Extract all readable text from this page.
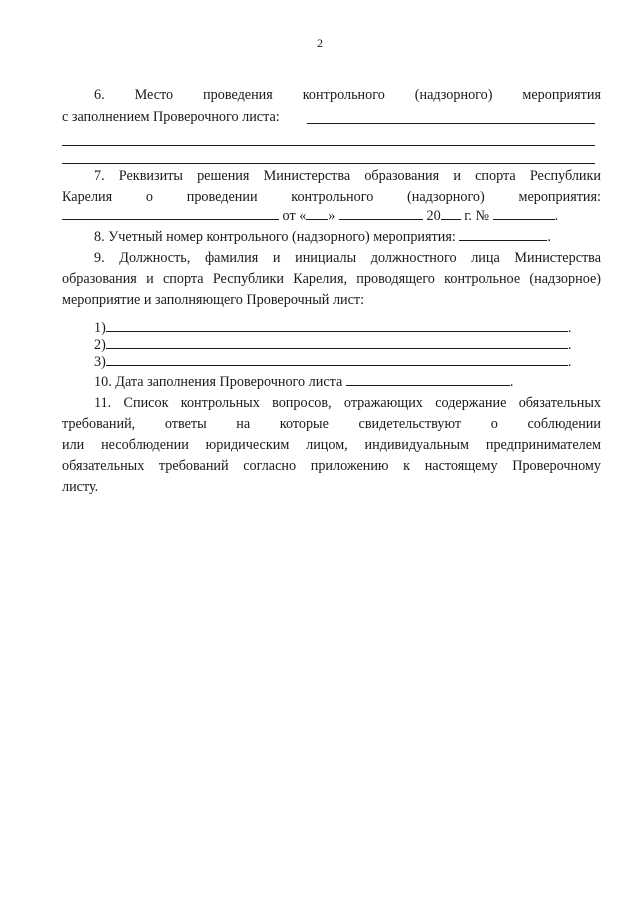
2
6. Место проведения контрольного (надзорного) мероприятия
с заполнением Проверочного листа:
7. Реквизиты решения Министерства образования и спорта Республики
Карелия о проведении контрольного (надзорного) мероприятия:
от « »	20 г. №	.
8. Учетный номер контрольного (надзорного) мероприятия:	.
9. Должность, фамилия и инициалы должностного лица Министерства
образования и спорта Республики Карелия, проводящего контрольное (надзорное)
мероприятие и заполняющего Проверочный лист:
1)	.
2)	.
3)	.
10. Дата заполнения Проверочного листа	.
11. Список контрольных вопросов, отражающих содержание обязательных
требований, ответы на которые свидетельствуют о соблюдении
или несоблюдении юридическим лицом, индивидуальным предпринимателем
обязательных требований согласно приложению к настоящему Проверочному
листу.
